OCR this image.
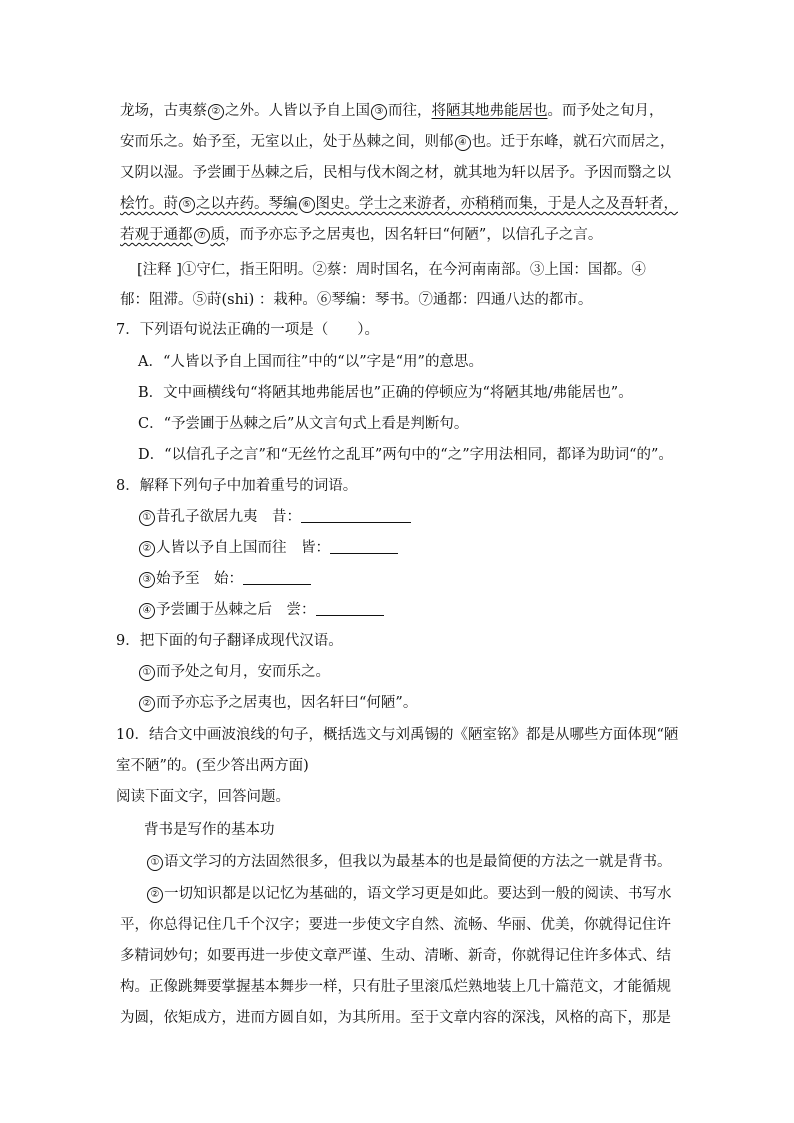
龙场，古夷蔡 ② 之外。人皆以予自上国 ③ 而往，将陋其地弗能居也。而予处之旬月，
安而乐之。始予至，无室以止，处于丛棘之间，则郁 ④ 也。迁于东峰，就石穴而居之，
又阴以湿。予尝圃于丛棘之后，民相与伐木阁之材，就其地为轩以居予。予因而翳之以
桧竹。莳 ⑤ 之以卉药。琴编 ⑥ 图史。学士之来游者，亦稍稍而集，于是人之及吾轩者，
若观于通都 ⑦ 质，而予亦忘予之居夷也，因名轩曰“何陋”，以信孔子之言。
[注释 ]①守仁，指王阳明。②蔡：周时国名，在今河南南部。③上国：国都。④
郁：阻滞。⑤莳(shi) ：栽种。⑥琴编：琴书。⑦通都：四通八达的都市。
7．下列语句说法正确的一项是（　　）。
A．“人皆以予自上国而往”中的“以”字是“用”的意思。
B．文中画横线句“将陋其地弗能居也”正确的停顿应为“将陋其地/弗能居也”。
C．“予尝圃于丛棘之后”从文言句式上看是判断句。
D．“以信孔子之言”和“无丝竹之乱耳”两句中的“之”字用法相同，都译为助词“的”。
8．解释下列句子中加着重号的词语。
① 昔孔子欲居九夷　昔：
② 人皆以予自上国而往　皆：
③ 始予至　始：
④ 予尝圃于丛棘之后　尝：
9．把下面的句子翻译成现代汉语。
① 而予处之旬月，安而乐之。
② 而予亦忘予之居夷也，因名轩曰“何陋”。
10．结合文中画波浪线的句子，概括选文与刘禹锡的《陋室铭》都是从哪些方面体现“陋
室不陋”的。(至少答出两方面)
阅读下面文字，回答问题。
背书是写作的基本功
① 语文学习的方法固然很多，但我以为最基本的也是最简便的方法之一就是背书。
② 一切知识都是以记忆为基础的，语文学习更是如此。要达到一般的阅读、书写水
平，你总得记住几千个汉字；要进一步使文字自然、流畅、华丽、优美，你就得记住许
多精词妙句；如要再进一步使文章严谨、生动、清晰、新奇，你就得记住许多体式、结
构。正像跳舞要掌握基本舞步一样，只有肚子里滚瓜烂熟地装上几十篇范文，才能循规
为圆，依矩成方，进而方圆自如，为其所用。至于文章内容的深浅，风格的高下，那是
